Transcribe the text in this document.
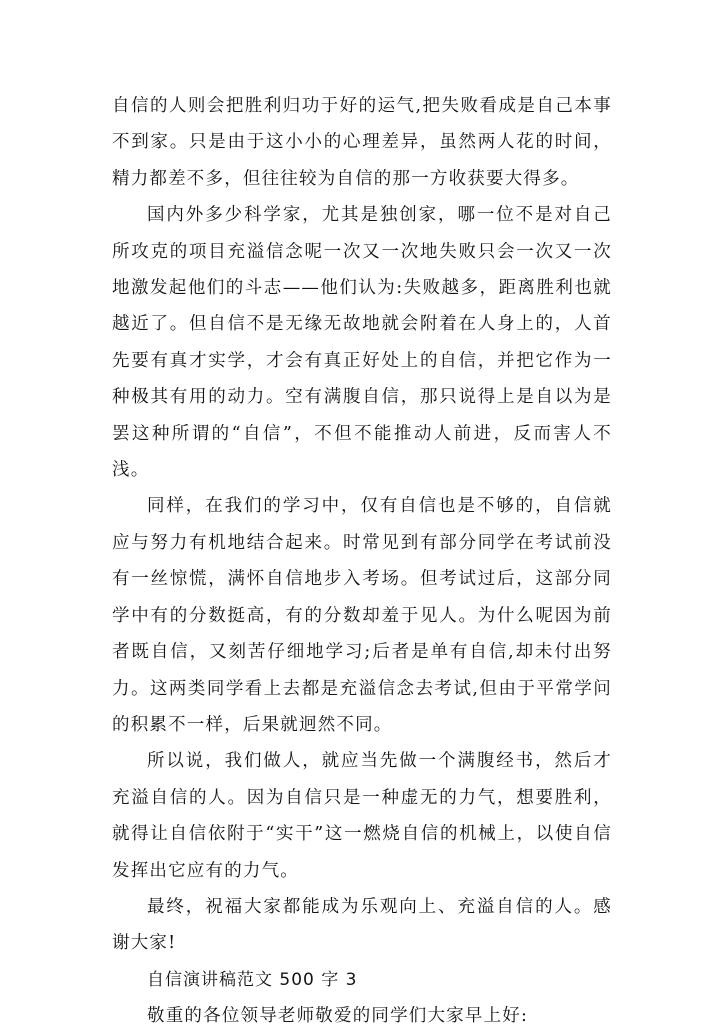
自信的人则会把胜利归功于好的运气,把失败看成是自己本事不到家。只是由于这小小的心理差异，虽然两人花的时间，精力都差不多，但往往较为自信的那一方收获要大得多。

国内外多少科学家，尤其是独创家，哪一位不是对自己所攻克的项目充溢信念呢一次又一次地失败只会一次又一次地激发起他们的斗志——他们认为:失败越多，距离胜利也就越近了。但自信不是无缘无故地就会附着在人身上的，人首先要有真才实学，才会有真正好处上的自信，并把它作为一种极其有用的动力。空有满腹自信，那只说得上是自以为是罢这种所谓的“自信”，不但不能推动人前进，反而害人不浅。

同样，在我们的学习中，仅有自信也是不够的，自信就应与努力有机地结合起来。时常见到有部分同学在考试前没有一丝惊慌，满怀自信地步入考场。但考试过后，这部分同学中有的分数挺高，有的分数却羞于见人。为什么呢因为前者既自信，又刻苦仔细地学习;后者是单有自信,却未付出努力。这两类同学看上去都是充溢信念去考试,但由于平常学问的积累不一样，后果就迥然不同。

所以说，我们做人，就应当先做一个满腹经书，然后才充溢自信的人。因为自信只是一种虚无的力气，想要胜利，就得让自信依附于“实干”这一燃烧自信的机械上，以使自信发挥出它应有的力气。

最终，祝福大家都能成为乐观向上、充溢自信的人。感谢大家!

自信演讲稿范文 500 字 3

敬重的各位领导老师敬爱的同学们大家早上好:
